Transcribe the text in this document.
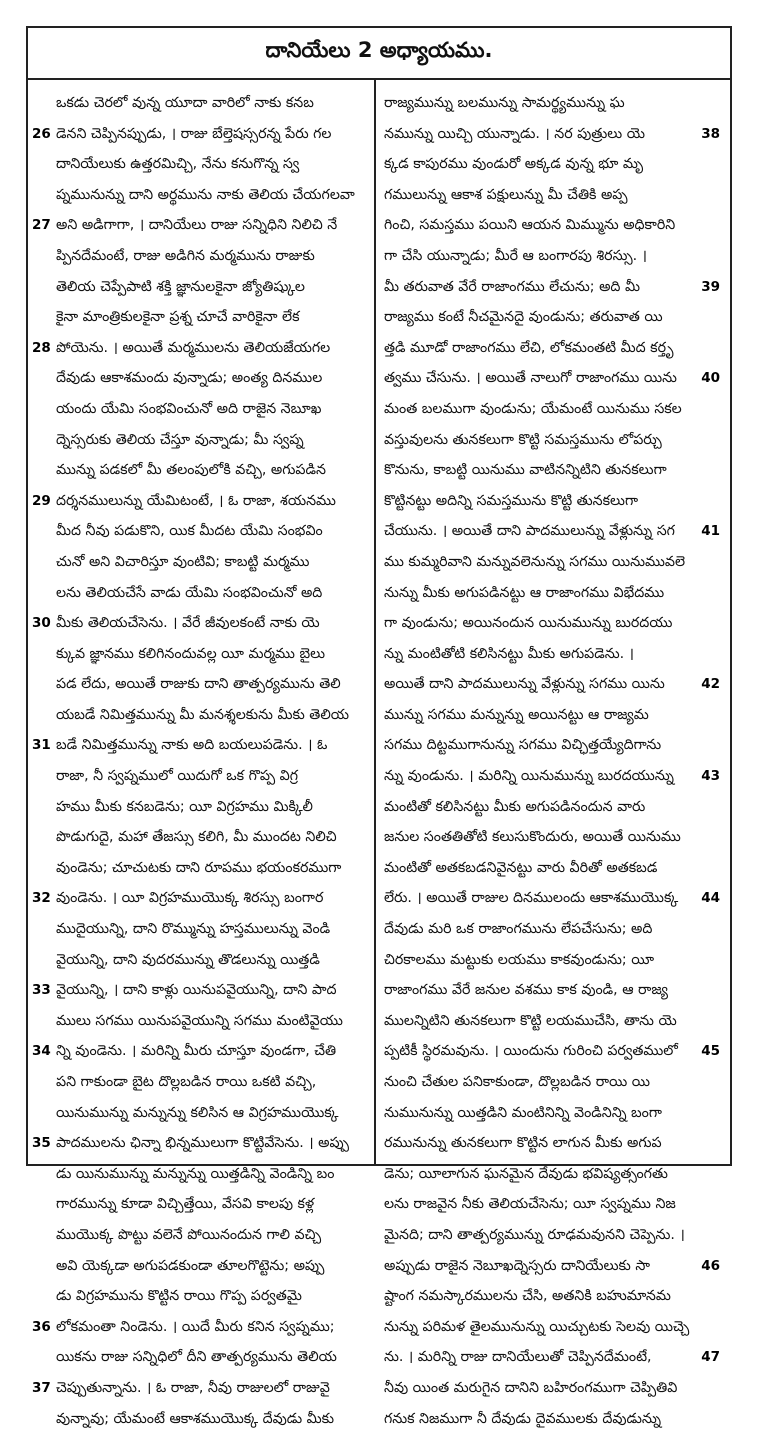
దానియేలు 2 అధ్యాయము.
ఒకడు చెరలో వున్న యూదా వారిలో నాకు కనబ
26 డెనని చెప్పినప్పుడు, । రాజు బేల్తెషస్సరన్న పేరు గల
దానియేలుకు ఉత్తరమిచ్చి, నేను కనుగొన్న స్వ
ప్నమునున్ను దాని అర్థమును నాకు తెలియ చేయగలవా
27 అని అడిగాగా, । దానియేలు రాజు సన్నిధిని నిలిచి నే
ప్పినదేమంటే, రాజు అడిగిన మర్మమును రాజుకు
తెలియ చెప్పేపాటి శక్తి జ్ఞానులకైనా జ్యోతిష్కుల
కైనా మాంత్రికులకైనా ప్రశ్న చూచే వారికైనా లేక
28 పోయెను. । అయితే మర్మములను తెలియజేయగల
దేవుడు ఆకాశమందు వున్నాడు; అంత్య దినముల
యందు యేమి సంభవించునో అది రాజైన నెబూఖ
ద్నెస్సరుకు తెలియ చేస్తూ వున్నాడు; మీ స్వప్న
మున్ను పడకలో మీ తలంపులోకి వచ్చి, అగుపడిన
29 దర్శనములున్ను యేమిటంటే, । ఓ రాజా, శయనము
మీద నీవు పడుకొని, యిక మీదట యేమి సంభవిం
చునో అని విచారిస్తూ వుంటివి; కాబట్టి మర్మము
లను తెలియచేసే వాడు యేమి సంభవించునో అది
30 మీకు తెలియచేసెను. । వేరే జీవులకంటే నాకు యె
క్కువ జ్ఞానము కలిగినందువల్ల యీ మర్మము బైలు
పడ లేదు, అయితే రాజుకు దాని తాత్పర్యమును తెలి
యబడే నిమిత్తమున్ను మీ మనశ్శలకును మీకు తెలియ
31 బడే నిమిత్తమున్ను నాకు అది బయలుపడెను. । ఓ
రాజా, నీ స్వప్నములో యిదుగో ఒక గొప్ప విగ్ర
హము మీకు కనబడెను; యీ విగ్రహము మిక్కిలీ
పొడుగుదై, మహా తేజస్సు కలిగి, మీ ముందట నిలిచి
వుండెను; చూచుటకు దాని రూపము భయంకరముగా
32 వుండెను. । యీ విగ్రహముయొక్క శిరస్సు బంగార
ముదైయున్ని, దాని రొమ్మున్ను హస్తములున్ను వెండి
వైయున్ని, దాని వుదరమున్ను తొడలున్ను యిత్తడి
33 వైయున్ని, । దాని కాళ్లు యినుపవైయున్ని, దాని పాద
ములు సగము యినుపవైయున్ని సగము మంటివైయు
34 న్ని వుండెను. । మరిన్ని మీరు చూస్తూ వుండగా, చేతి
పని గాకుండా బైట దొల్లబడిన రాయి ఒకటి వచ్చి,
యినుమున్ను మన్నున్ను కలిసిన ఆ విగ్రహముయొక్క
35 పాదములను ఛిన్నా భిన్నములుగా కొట్టివేసెను. । అప్పు
డు యినుమున్ను మన్నున్ను యిత్తడిన్ని వెండిన్ని బం
గారమున్ను కూడా విచ్చిత్తేయి, వేసవి కాలపు కళ్ల
ముయొక్క పొట్టు వలెనే పోయినందున గాలి వచ్చి
అవి యెక్కడా అగుపడకుండా తూలగొట్టెను; అప్పు
డు విగ్రహమును కొట్టిన రాయి గొప్ప పర్వతమై
36 లోకమంతా నిండెను. । యిదే మీరు కనిన స్వప్నము;
యికను రాజు సన్నిధిలో దీని తాత్పర్యమును తెలియ
37 చెప్పుతున్నాను. । ఓ రాజా, నీవు రాజులలో రాజువై
వున్నావు; యేమంటే ఆకాశముయొక్క దేవుడు మీకు
రాజ్యమున్ను బలమున్ను సామర్థ్యమున్ను ఘ
38
నమున్ను యిచ్చి యున్నాడు. । నర పుత్రులు యె
క్కడ కాపురము వుండురో అక్కడ వున్న భూ మృ
గములున్ను ఆకాశ పక్షులున్ను మీ చేతికి అప్ప
గించి, సమస్తము పయిని ఆయన మిమ్మును అధికారిని
గా చేసి యున్నాడు; మీరే ఆ బంగారపు శిరస్సు. ।
39
మీ తరువాత వేరే రాజాంగము లేచును; అది మీ
రాజ్యము కంటే నీచమైనదై వుండును; తరువాత యి
త్తడి మూడో రాజాంగము లేచి, లోకమంతటి మీద కర్తృ
40
త్వము చేసును. । అయితే నాలుగో రాజాంగము యిను
మంత బలముగా వుండును; యేమంటే యినుము సకల
వస్తువులను తునకలుగా కొట్టి సమస్తమును లోపర్చు
కొనును, కాబట్టి యినుము వాటినన్నిటిని తునకలుగా
కొట్టినట్టు అదిన్ని సమస్తమును కొట్టి తునకలుగా
41
చేయును. । అయితే దాని పాదములున్ను వేళ్లున్ను సగ
ము కుమ్మరివాని మన్నువలెనున్ను సగము యినుమువలె
నున్ను మీకు అగుపడినట్టు ఆ రాజాంగము విభేదము
గా వుండును; అయినందున యినుమున్ను బురదయు
న్ను మంటితోటి కలిసినట్టు మీకు అగుపడెను. ।
42
అయితే దాని పాదములున్ను వేళ్లున్ను సగము యిను
మున్ను సగము మన్నున్ను అయినట్టు ఆ రాజ్యమ
సగము దిట్టముగానున్ను సగము విచ్ఛిత్తయ్యేదిగాను
43
న్ను వుండును. । మరిన్ని యినుమున్ను బురదయున్ను
మంటితో కలిసినట్టు మీకు అగుపడినందున వారు
జనుల సంతతితోటి కలుసుకొందురు, అయితే యినుము
మంటితో అతకబడనివైనట్టు వారు వీరితో అతకబడ
44
లేరు. । అయితే రాజుల దినములందు ఆకాశముయొక్క
దేవుడు మరి ఒక రాజాంగమును లేపచేసును; అది
చిరకాలము మట్టుకు లయము కాకవుండును; యీ
రాజాంగము వేరే జనుల వశము కాక వుండి, ఆ రాజ్య
ములన్నిటిని తునకలుగా కొట్టి లయముచేసి, తాను యె
45
ప్పటికీ స్థిరమవును. । యిందును గురించి పర్వతములో
నుంచి చేతుల పనికాకుండా, దొల్లబడిన రాయి యి
నుమునున్ను యిత్తడిని మంటినిన్ని వెండినిన్ని బంగా
రమునున్ను తునకలుగా కొట్టిన లాగున మీకు అగుప
డెను; యీలాగున ఘనమైన దేవుడు భవిష్యత్సంగతు
లను రాజవైన నీకు తెలియచేసెను; యీ స్వప్నము నిజ
మైనది; దాని తాత్పర్యమున్ను రూఢమవునని చెప్పెను. ।
46
అప్పుడు రాజైన నెబూఖద్నెస్సరు దానియేలుకు సా
ష్టాంగ నమస్కారములను చేసి, అతనికి బహుమానమ
నున్ను పరిమళ తైలమునున్ను యిచ్చుటకు సెలవు యిచ్చె
47
ను. । మరిన్ని రాజు దానియేలుతో చెప్పినదేమంటే,
నీవు యింత మరుగైన దానిని బహిరంగముగా చెప్పితివి
గనుక నిజముగా నీ దేవుడు దైవములకు దేవుడున్ను
